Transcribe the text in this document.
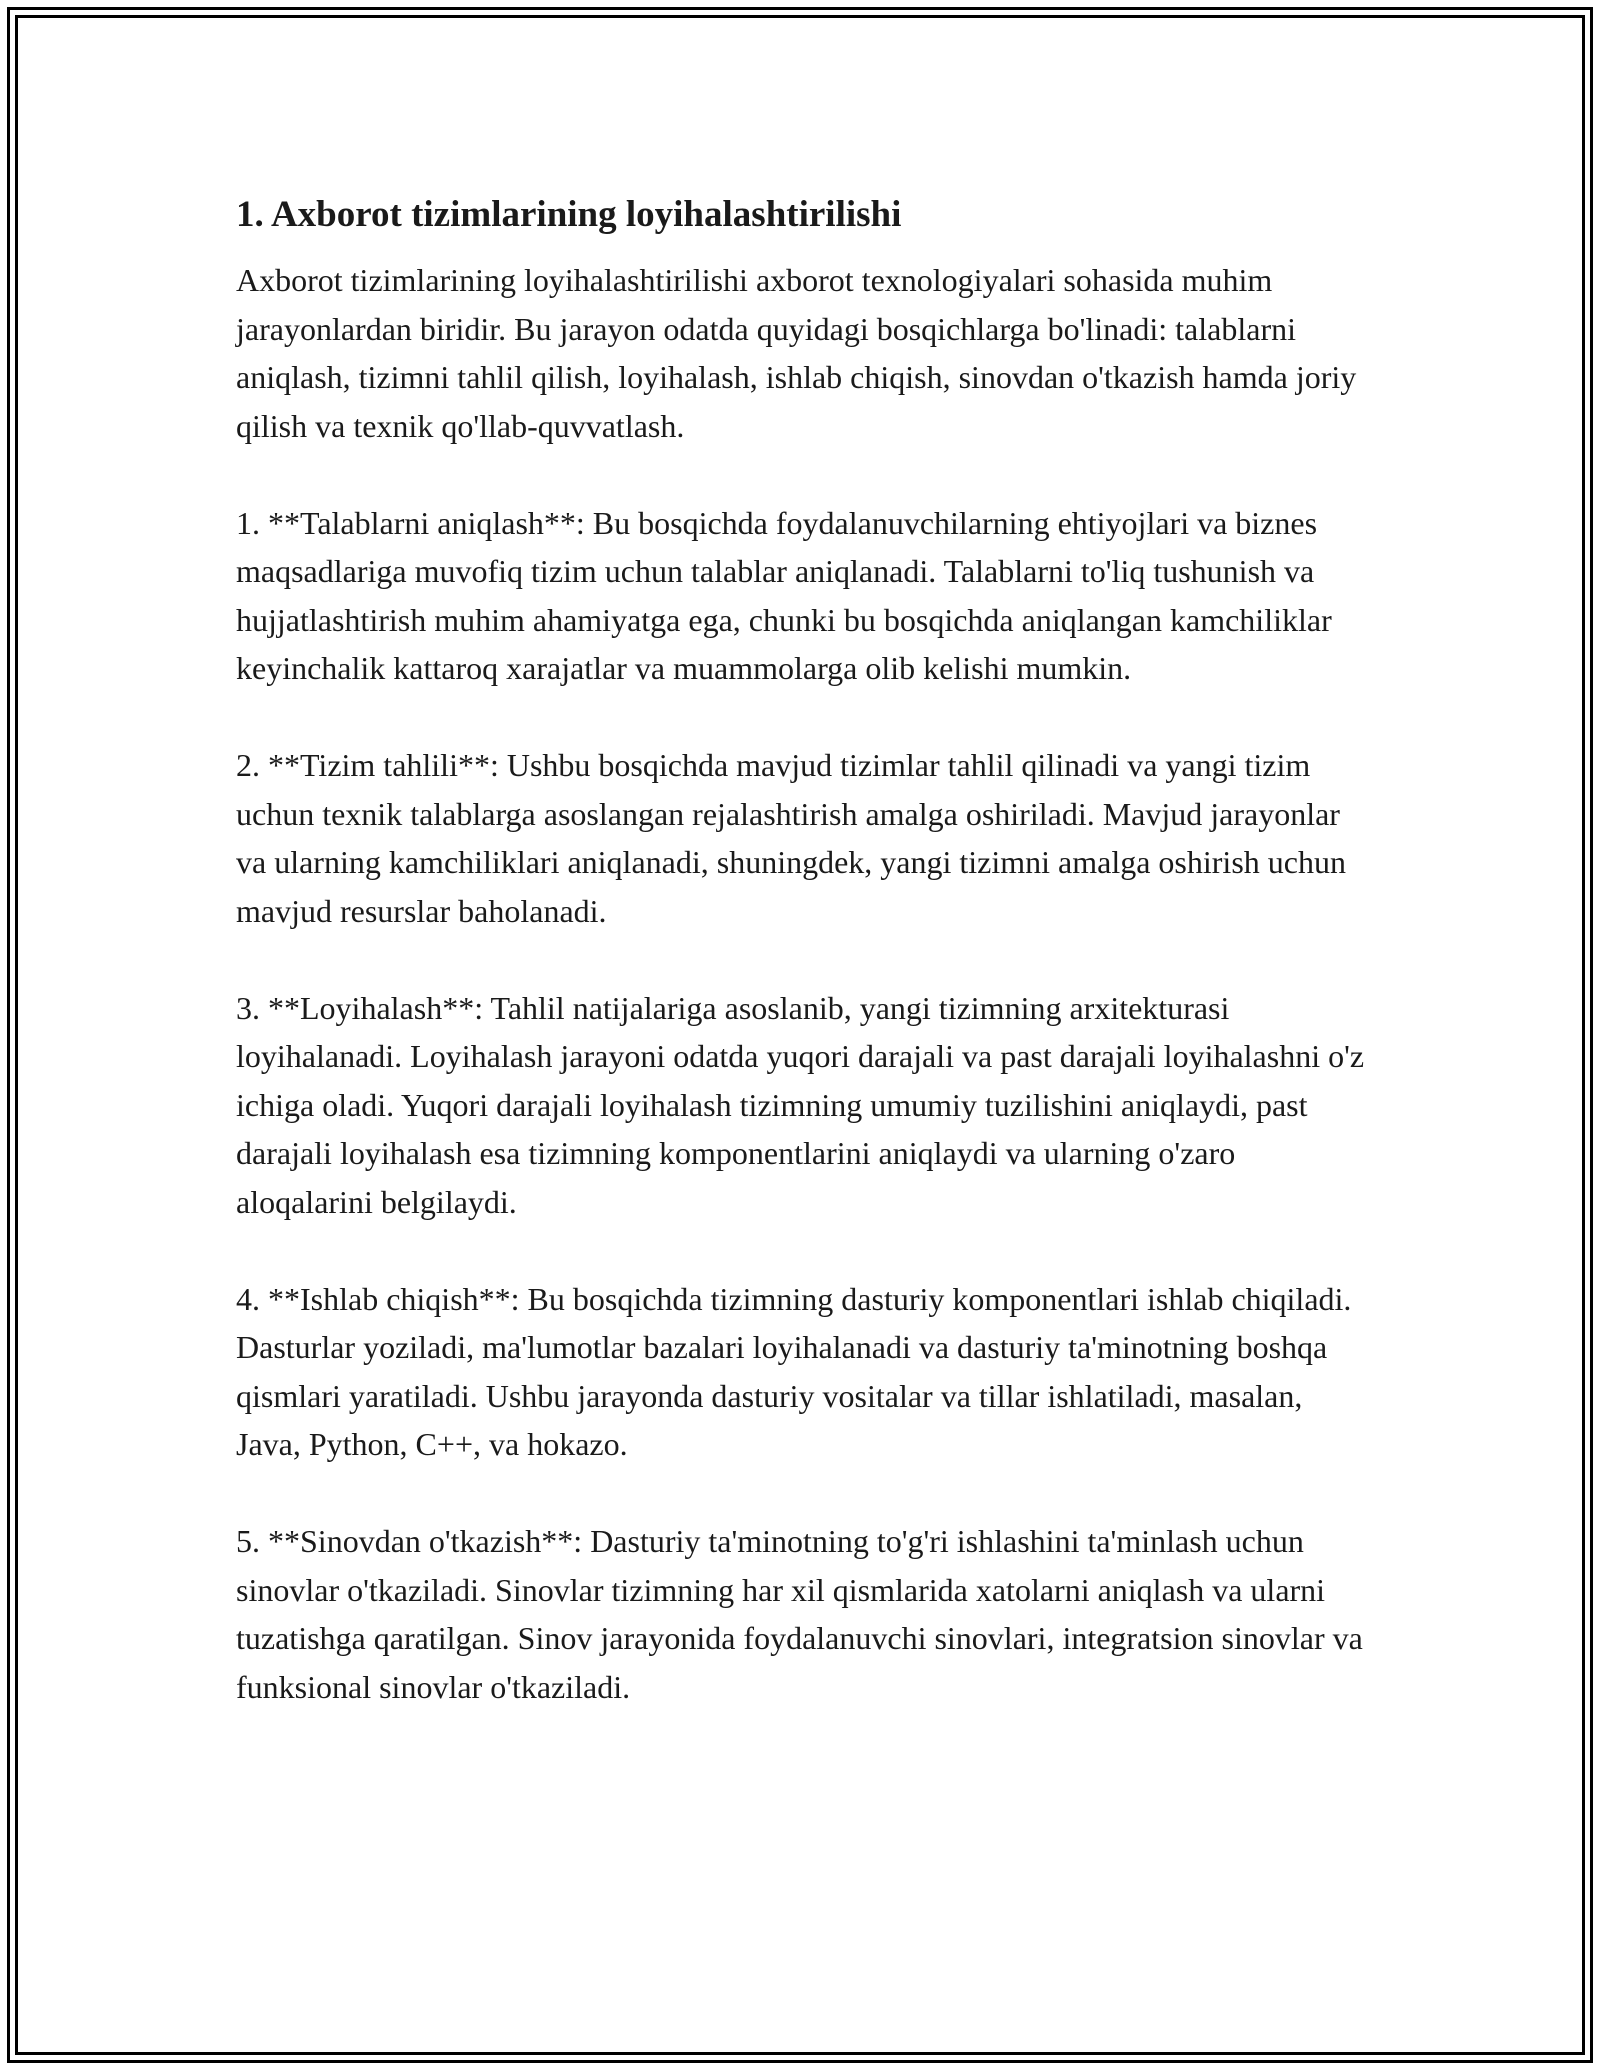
1. Axborot tizimlarining loyihalashtirilishi

Axborot tizimlarining loyihalashtirilishi axborot texnologiyalari sohasida muhim jarayonlardan biridir. Bu jarayon odatda quyidagi bosqichlarga bo'linadi: talablarni aniqlash, tizimni tahlil qilish, loyihalash, ishlab chiqish, sinovdan o'tkazish hamda joriy qilish va texnik qo'llab-quvvatlash.

1. **Talablarni aniqlash**: Bu bosqichda foydalanuvchilarning ehtiyojlari va biznes maqsadlariga muvofiq tizim uchun talablar aniqlanadi. Talablarni to'liq tushunish va hujjatlashtirish muhim ahamiyatga ega, chunki bu bosqichda aniqlangan kamchiliklar keyinchalik kattaroq xarajatlar va muammolarga olib kelishi mumkin.

2. **Tizim tahlili**: Ushbu bosqichda mavjud tizimlar tahlil qilinadi va yangi tizim uchun texnik talablarga asoslangan rejalashtirish amalga oshiriladi. Mavjud jarayonlar va ularning kamchiliklari aniqlanadi, shuningdek, yangi tizimni amalga oshirish uchun mavjud resurslar baholanadi.

3. **Loyihalash**: Tahlil natijalariga asoslanib, yangi tizimning arxitekturasi loyihalanadi. Loyihalash jarayoni odatda yuqori darajali va past darajali loyihalashni o'z ichiga oladi. Yuqori darajali loyihalash tizimning umumiy tuzilishini aniqlaydi, past darajali loyihalash esa tizimning komponentlarini aniqlaydi va ularning o'zaro aloqalarini belgilaydi.

4. **Ishlab chiqish**: Bu bosqichda tizimning dasturiy komponentlari ishlab chiqiladi. Dasturlar yoziladi, ma'lumotlar bazalari loyihalanadi va dasturiy ta'minotning boshqa qismlari yaratiladi. Ushbu jarayonda dasturiy vositalar va tillar ishlatiladi, masalan, Java, Python, C++, va hokazo.

5. **Sinovdan o'tkazish**: Dasturiy ta'minotning to'g'ri ishlashini ta'minlash uchun sinovlar o'tkaziladi. Sinovlar tizimning har xil qismlarida xatolarni aniqlash va ularni tuzatishga qaratilgan. Sinov jarayonida foydalanuvchi sinovlari, integratsion sinovlar va funksional sinovlar o'tkaziladi.
